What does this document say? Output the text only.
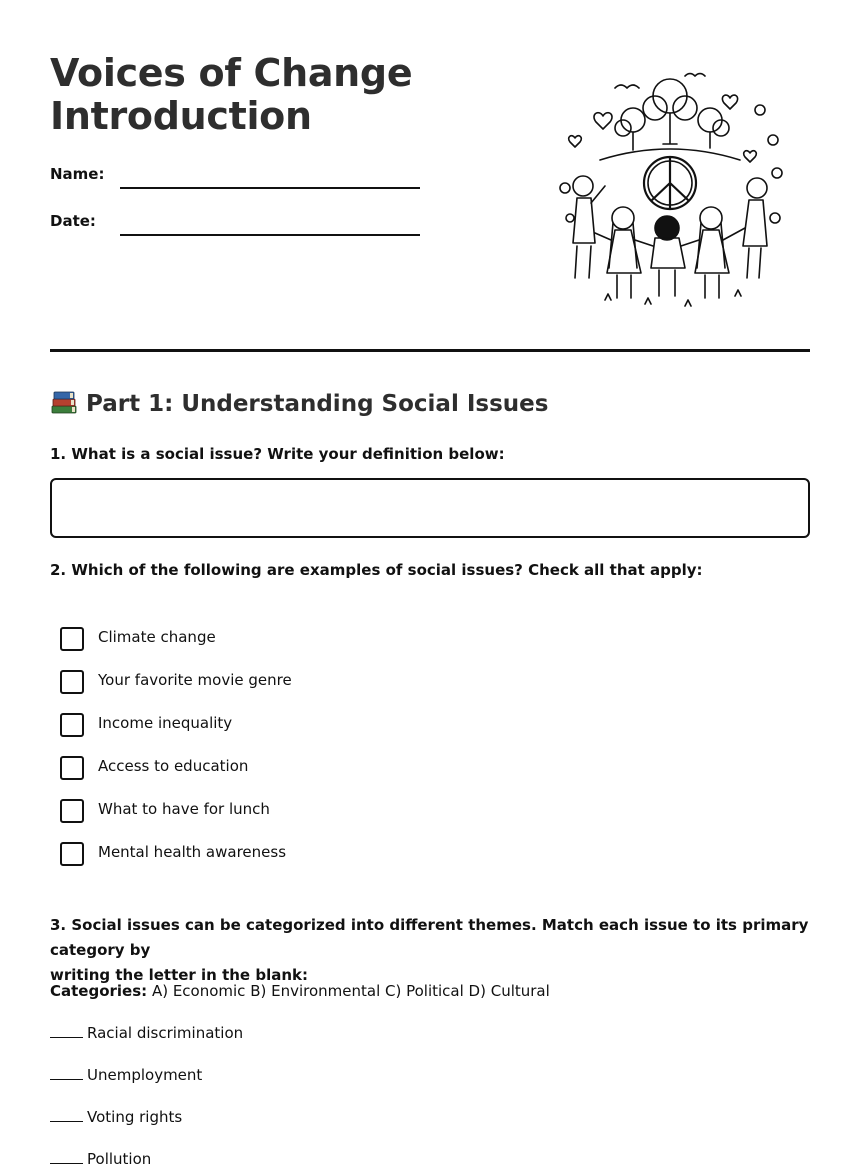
Voices of Change
Introduction
Name:
Date:
Part 1: Understanding Social Issues

1. What is a social issue? Write your definition below:

2. Which of the following are examples of social issues? Check all that apply:

Climate change
Your favorite movie genre
Income inequality
Access to education
What to have for lunch
Mental health awareness

3. Social issues can be categorized into different themes. Match each issue to its primary category by
writing the letter in the blank:

Categories: A) Economic B) Environmental C) Political D) Cultural
Racial discrimination
Unemployment
Voting rights
Pollution
